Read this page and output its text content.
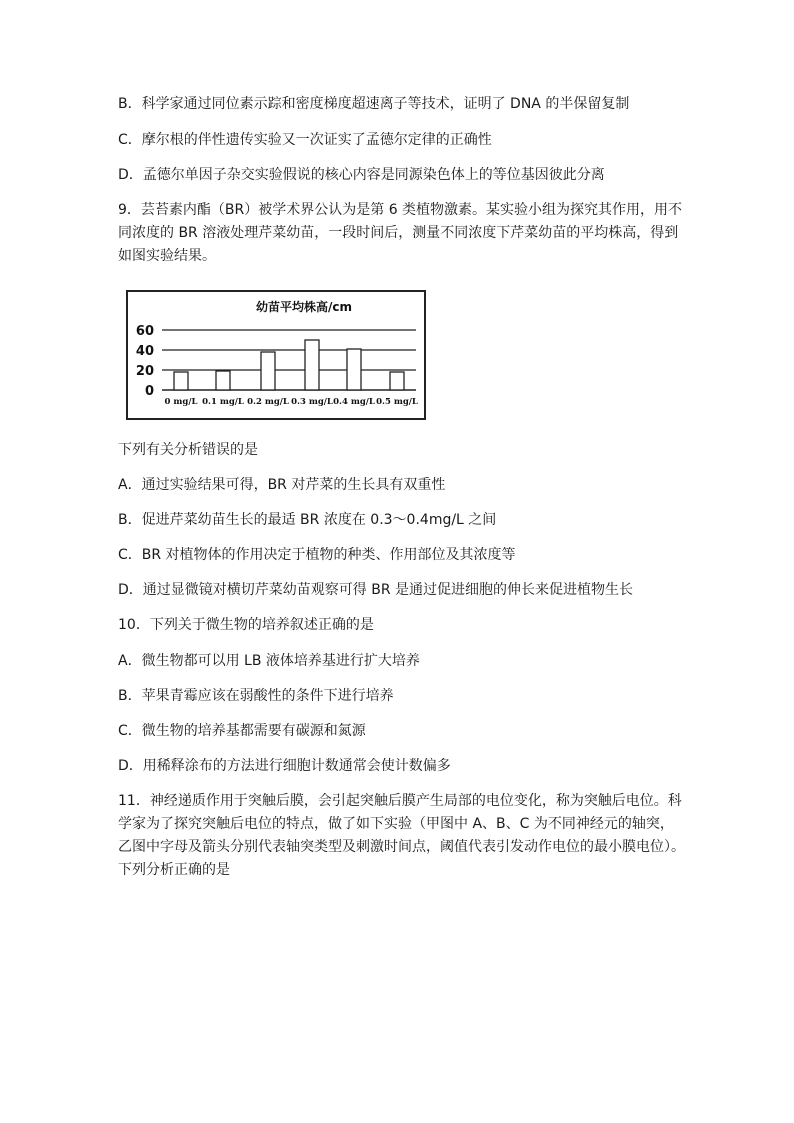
B．科学家通过同位素示踪和密度梯度超速离子等技术，证明了 DNA 的半保留复制
C．摩尔根的伴性遗传实验又一次证实了孟德尔定律的正确性
D．孟德尔单因子杂交实验假说的核心内容是同源染色体上的等位基因彼此分离
9．芸苔素内酯（BR）被学术界公认为是第 6 类植物激素。某实验小组为探究其作用，用不
同浓度的 BR 溶液处理芹菜幼苗，一段时间后，测量不同浓度下芹菜幼苗的平均株高，得到
如图实验结果。
幼苗平均株高/cm
0
20
40
60
0 mg/L 0.1 mg/L 0.2 mg/L 0.3 mg/L 0.4 mg/L 0.5 mg/L
下列有关分析错误的是
A．通过实验结果可得，BR 对芹菜的生长具有双重性
B．促进芹菜幼苗生长的最适 BR 浓度在 0.3～0.4mg/L 之间
C．BR 对植物体的作用决定于植物的种类、作用部位及其浓度等
D．通过显微镜对横切芹菜幼苗观察可得 BR 是通过促进细胞的伸长来促进植物生长
10．下列关于微生物的培养叙述正确的是
A．微生物都可以用 LB 液体培养基进行扩大培养
B．苹果青霉应该在弱酸性的条件下进行培养
C．微生物的培养基都需要有碳源和氮源
D．用稀释涂布的方法进行细胞计数通常会使计数偏多
11．神经递质作用于突触后膜，会引起突触后膜产生局部的电位变化，称为突触后电位。科
学家为了探究突触后电位的特点，做了如下实验（甲图中 A、B、C 为不同神经元的轴突，
乙图中字母及箭头分别代表轴突类型及刺激时间点，阈值代表引发动作电位的最小膜电位）。
下列分析正确的是
